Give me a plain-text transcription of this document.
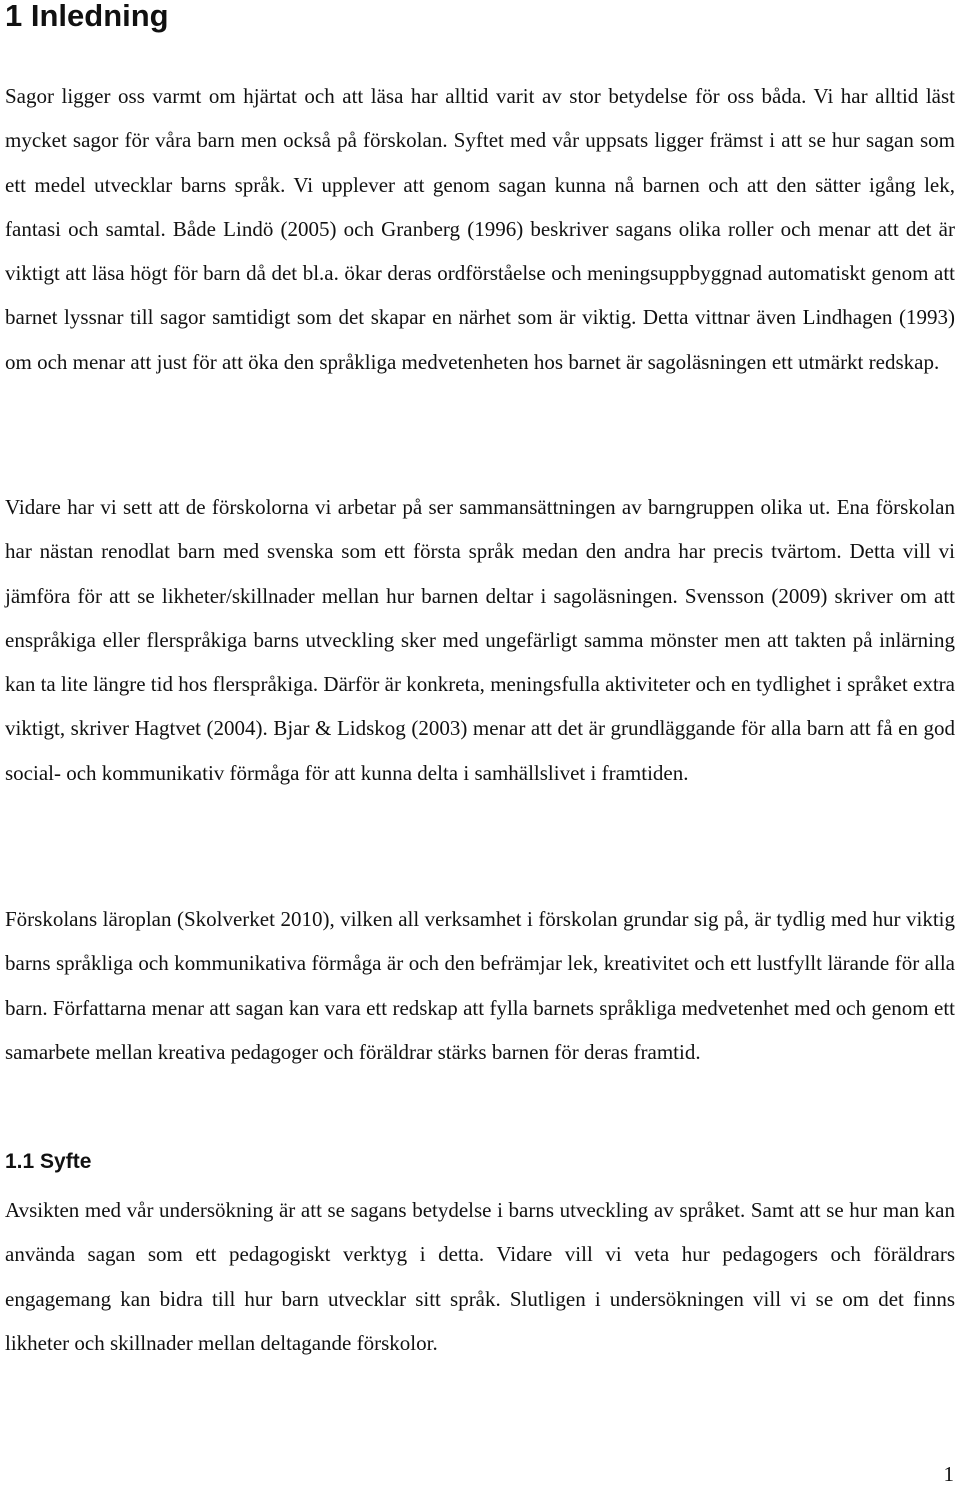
1 Inledning

Sagor ligger oss varmt om hjärtat och att läsa har alltid varit av stor betydelse för oss båda. Vi har alltid läst mycket sagor för våra barn men också på förskolan. Syftet med vår uppsats ligger främst i att se hur sagan som ett medel utvecklar barns språk. Vi upplever att genom sagan kunna nå barnen och att den sätter igång lek, fantasi och samtal. Både Lindö (2005) och Granberg (1996) beskriver sagans olika roller och menar att det är viktigt att läsa högt för barn då det bl.a. ökar deras ordförståelse och meningsuppbyggnad automatiskt genom att barnet lyssnar till sagor samtidigt som det skapar en närhet som är viktig. Detta vittnar även Lindhagen (1993) om och menar att just för att öka den språkliga medvetenheten hos barnet är sagoläsningen ett utmärkt redskap.

Vidare har vi sett att de förskolorna vi arbetar på ser sammansättningen av barngruppen olika ut. Ena förskolan har nästan renodlat barn med svenska som ett första språk medan den andra har precis tvärtom. Detta vill vi jämföra för att se likheter/skillnader mellan hur barnen deltar i sagoläsningen. Svensson (2009) skriver om att enspråkiga eller flerspråkiga barns utveckling sker med ungefärligt samma mönster men att takten på inlärning kan ta lite längre tid hos flerspråkiga. Därför är konkreta, meningsfulla aktiviteter och en tydlighet i språket extra viktigt, skriver Hagtvet (2004). Bjar & Lidskog (2003) menar att det är grundläggande för alla barn att få en god social- och kommunikativ förmåga för att kunna delta i samhällslivet i framtiden.

Förskolans läroplan (Skolverket 2010), vilken all verksamhet i förskolan grundar sig på, är tydlig med hur viktig barns språkliga och kommunikativa förmåga är och den befrämjar lek, kreativitet och ett lustfyllt lärande för alla barn. Författarna menar att sagan kan vara ett redskap att fylla barnets språkliga medvetenhet med och genom ett samarbete mellan kreativa pedagoger och föräldrar stärks barnen för deras framtid.

1.1 Syfte

Avsikten med vår undersökning är att se sagans betydelse i barns utveckling av språket. Samt att se hur man kan använda sagan som ett pedagogiskt verktyg i detta. Vidare vill vi veta hur pedagogers och föräldrars engagemang kan bidra till hur barn utvecklar sitt språk. Slutligen i undersökningen vill vi se om det finns likheter och skillnader mellan deltagande förskolor.

1
